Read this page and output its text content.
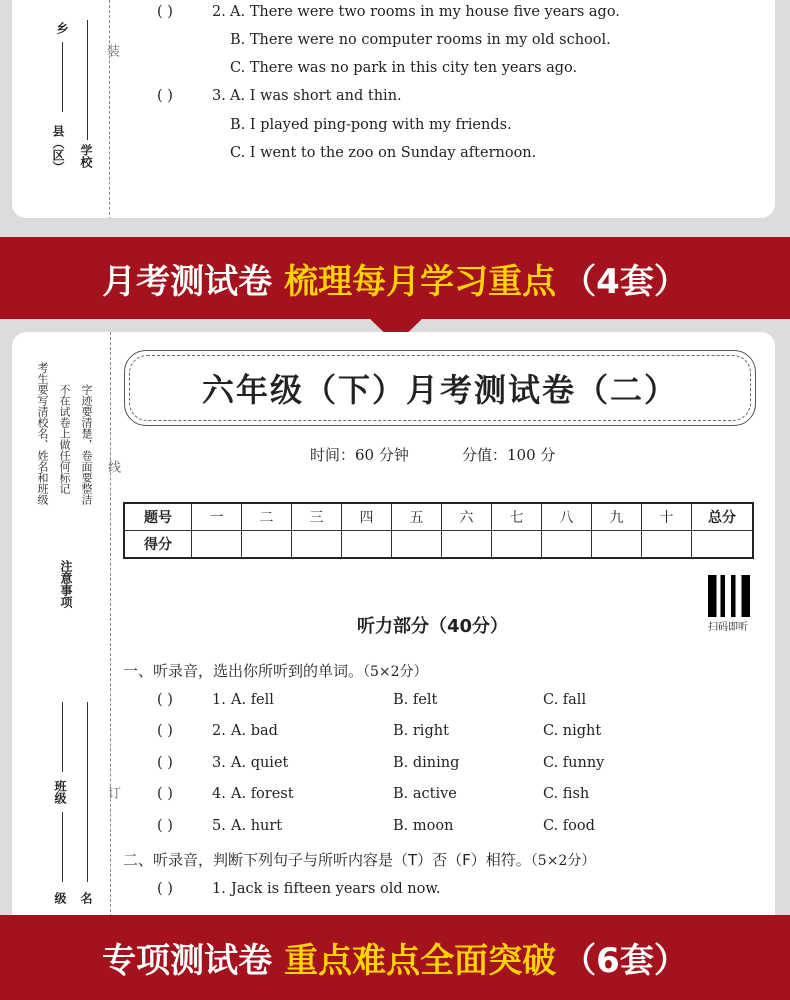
乡
县（区） 学校
装
( )	2. A. There were two rooms in my house five years ago.
B. There were no computer rooms in my old school.
C. There was no park in this city ten years ago.
( )	3. A. I was short and thin.
B. I played ping-pong with my friends.
C. I went to the zoo on Sunday afternoon.
月考测试卷 梳理每月学习重点 （4套）
考生要写清校名、姓名和班级 不在试卷上做任何标记 字迹要清楚，卷面要整洁
注意事项
线
订
班级
级 名
六年级（下）月考测试卷（二）
时间：60 分钟	分值：100 分
题号	一	二	三	四	五	六	七	八	九	十	总分
得分											
扫码即听
听力部分（40分）
一、听录音，选出你所听到的单词。（5×2分）
( )	1. A. fell	B. felt	C. fall
( )	2. A. bad	B. right	C. night
( )	3. A. quiet	B. dining	C. funny
( )	4. A. forest	B. active	C. fish
( )	5. A. hurt	B. moon	C. food
二、听录音，判断下列句子与所听内容是（T）否（F）相符。（5×2分）
( )	1. Jack is fifteen years old now.
专项测试卷 重点难点全面突破 （6套）
